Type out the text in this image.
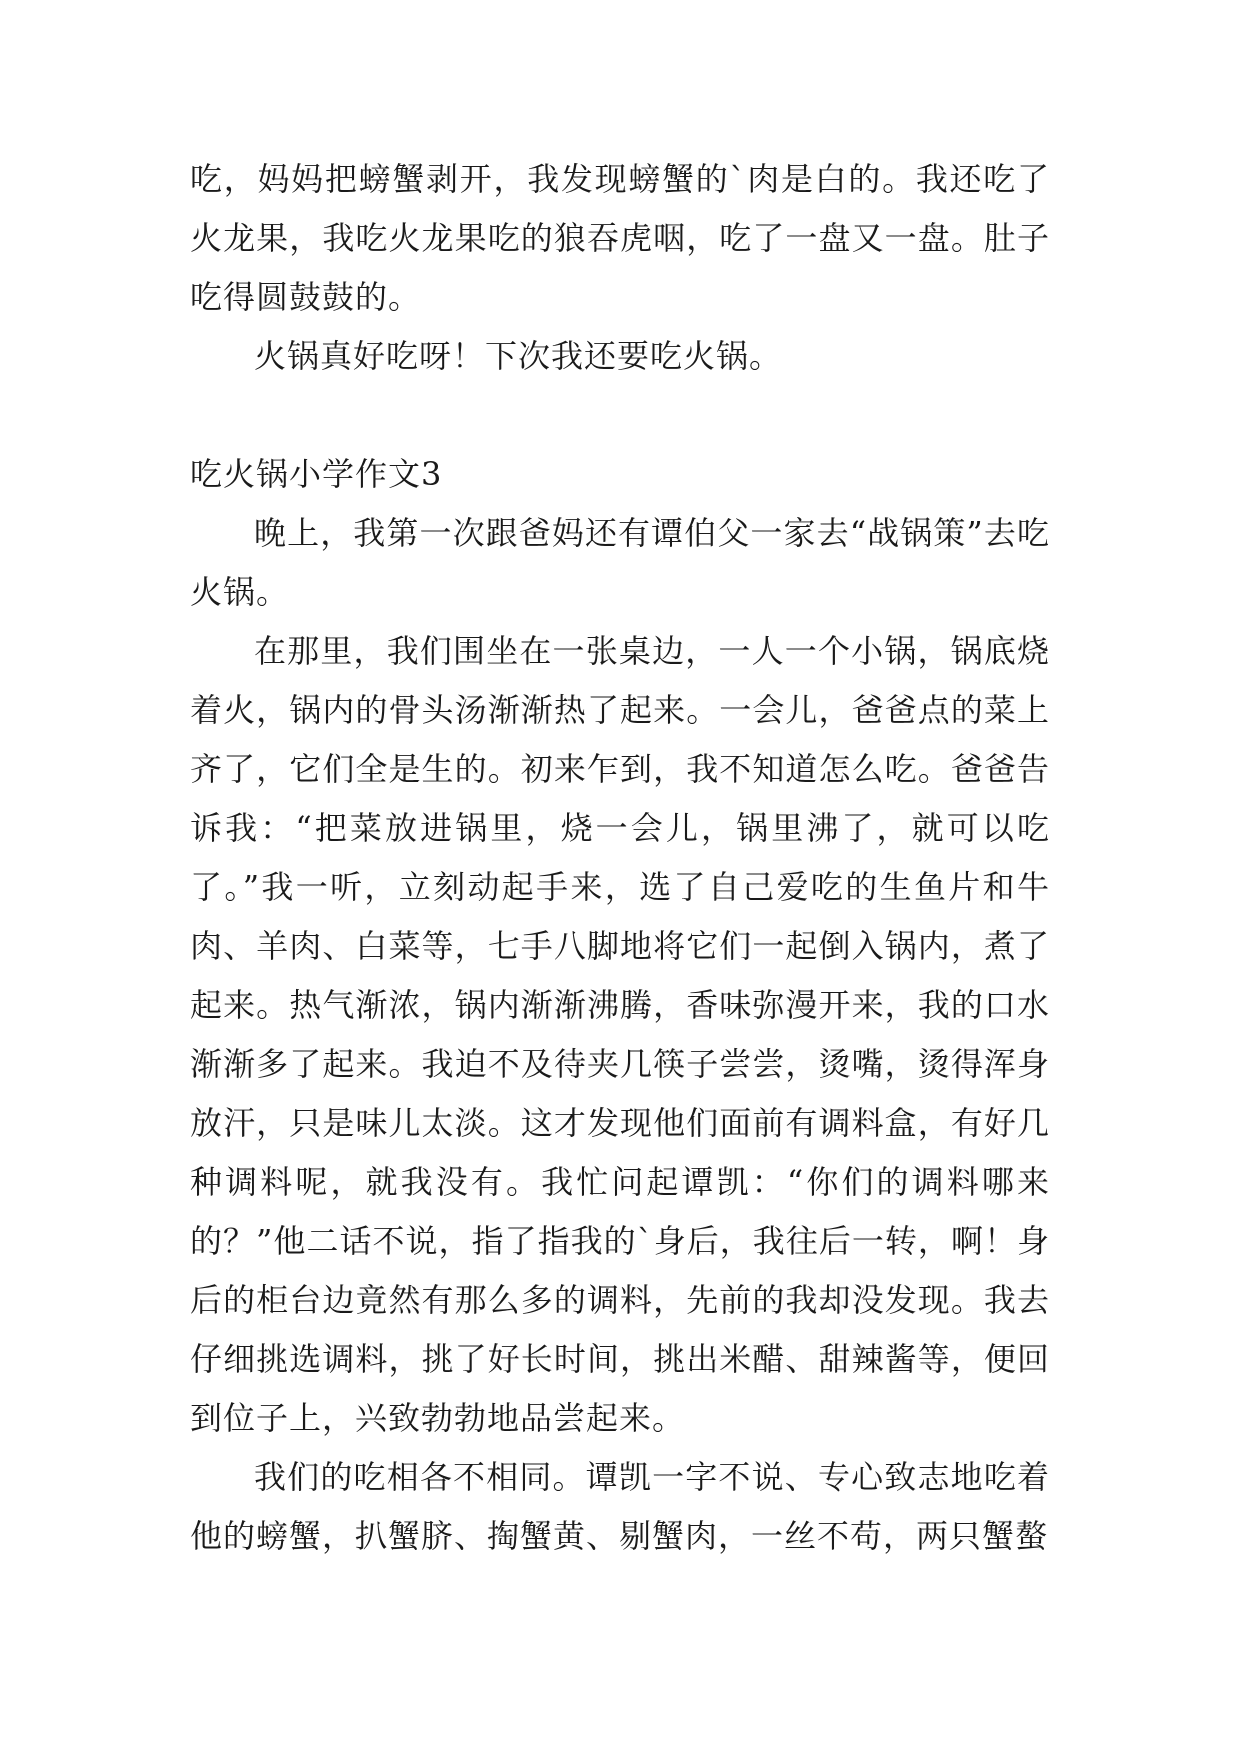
吃，妈妈把螃蟹剥开，我发现螃蟹的`肉是白的。我还吃了火龙果，我吃火龙果吃的狼吞虎咽，吃了一盘又一盘。肚子吃得圆鼓鼓的。

火锅真好吃呀！下次我还要吃火锅。

吃火锅小学作文3

晚上，我第一次跟爸妈还有谭伯父一家去“战锅策”去吃火锅。

在那里，我们围坐在一张桌边，一人一个小锅，锅底烧着火，锅内的骨头汤渐渐热了起来。一会儿，爸爸点的菜上齐了，它们全是生的。初来乍到，我不知道怎么吃。爸爸告诉我：“把菜放进锅里，烧一会儿，锅里沸了，就可以吃了。”我一听，立刻动起手来，选了自己爱吃的生鱼片和牛肉、羊肉、白菜等，七手八脚地将它们一起倒入锅内，煮了起来。热气渐浓，锅内渐渐沸腾，香味弥漫开来，我的口水渐渐多了起来。我迫不及待夹几筷子尝尝，烫嘴，烫得浑身放汗，只是味儿太淡。这才发现他们面前有调料盒，有好几种调料呢，就我没有。我忙问起谭凯：“你们的调料哪来的？”他二话不说，指了指我的`身后，我往后一转，啊！身后的柜台边竟然有那么多的调料，先前的我却没发现。我去仔细挑选调料，挑了好长时间，挑出米醋、甜辣酱等，便回到位子上，兴致勃勃地品尝起来。

我们的吃相各不相同。谭凯一字不说、专心致志地吃着他的螃蟹，扒蟹脐、掏蟹黄、剔蟹肉，一丝不苟，两只蟹螯
